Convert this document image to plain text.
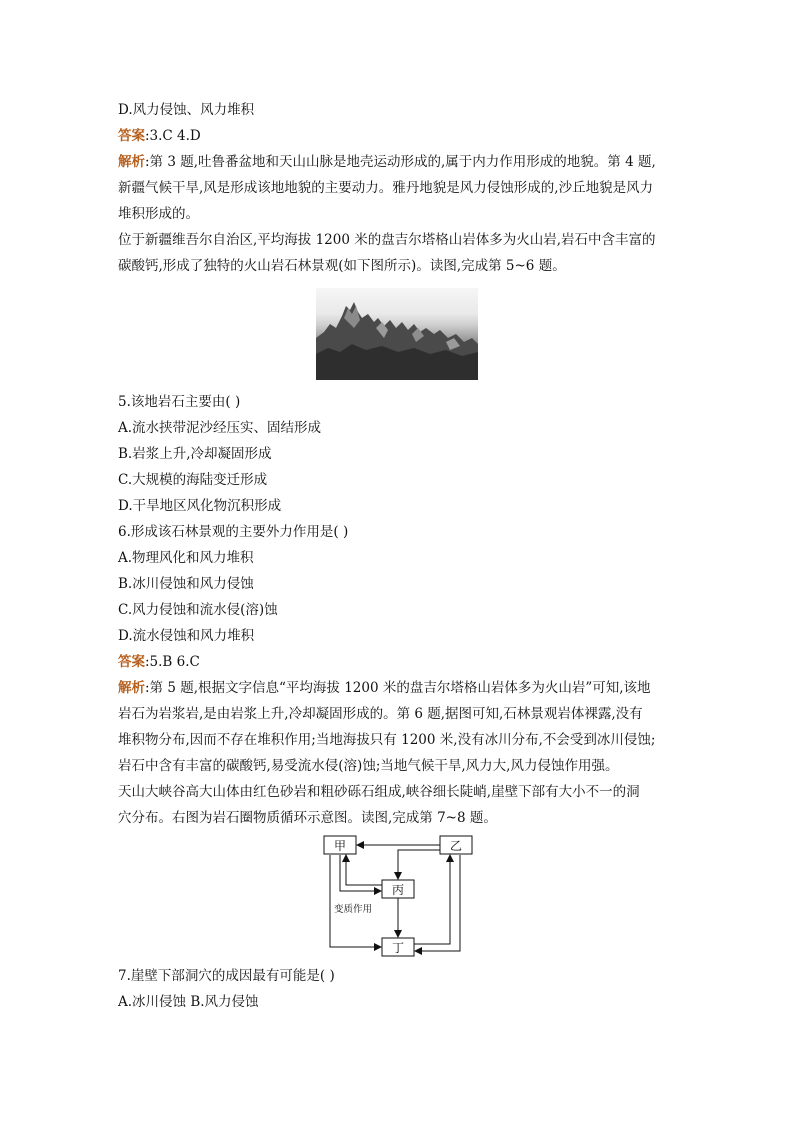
D.风力侵蚀、风力堆积
答案:3.C 4.D
解析:第 3 题,吐鲁番盆地和天山山脉是地壳运动形成的,属于内力作用形成的地貌。第 4 题,
新疆气候干旱,风是形成该地地貌的主要动力。雅丹地貌是风力侵蚀形成的,沙丘地貌是风力
堆积形成的。
位于新疆维吾尔自治区,平均海拔 1200 米的盘吉尔塔格山岩体多为火山岩,岩石中含丰富的
碳酸钙,形成了独特的火山岩石林景观(如下图所示)。读图,完成第 5~6 题。
5.该地岩石主要由( )
A.流水挟带泥沙经压实、固结形成
B.岩浆上升,冷却凝固形成
C.大规模的海陆变迁形成
D.干旱地区风化物沉积形成
6.形成该石林景观的主要外力作用是( )
A.物理风化和风力堆积
B.冰川侵蚀和风力侵蚀
C.风力侵蚀和流水侵(溶)蚀
D.流水侵蚀和风力堆积
答案:5.B 6.C
解析:第 5 题,根据文字信息“平均海拔 1200 米的盘吉尔塔格山岩体多为火山岩”可知,该地
岩石为岩浆岩,是由岩浆上升,冷却凝固形成的。第 6 题,据图可知,石林景观岩体裸露,没有
堆积物分布,因而不存在堆积作用;当地海拔只有 1200 米,没有冰川分布,不会受到冰川侵蚀;
岩石中含有丰富的碳酸钙,易受流水侵(溶)蚀;当地气候干旱,风力大,风力侵蚀作用强。
天山大峡谷高大山体由红色砂岩和粗砂砾石组成,峡谷细长陡峭,崖壁下部有大小不一的洞
穴分布。右图为岩石圈物质循环示意图。读图,完成第 7~8 题。
甲	乙
丙
丁
变质作用
7.崖壁下部洞穴的成因最有可能是( )
A.冰川侵蚀 B.风力侵蚀
